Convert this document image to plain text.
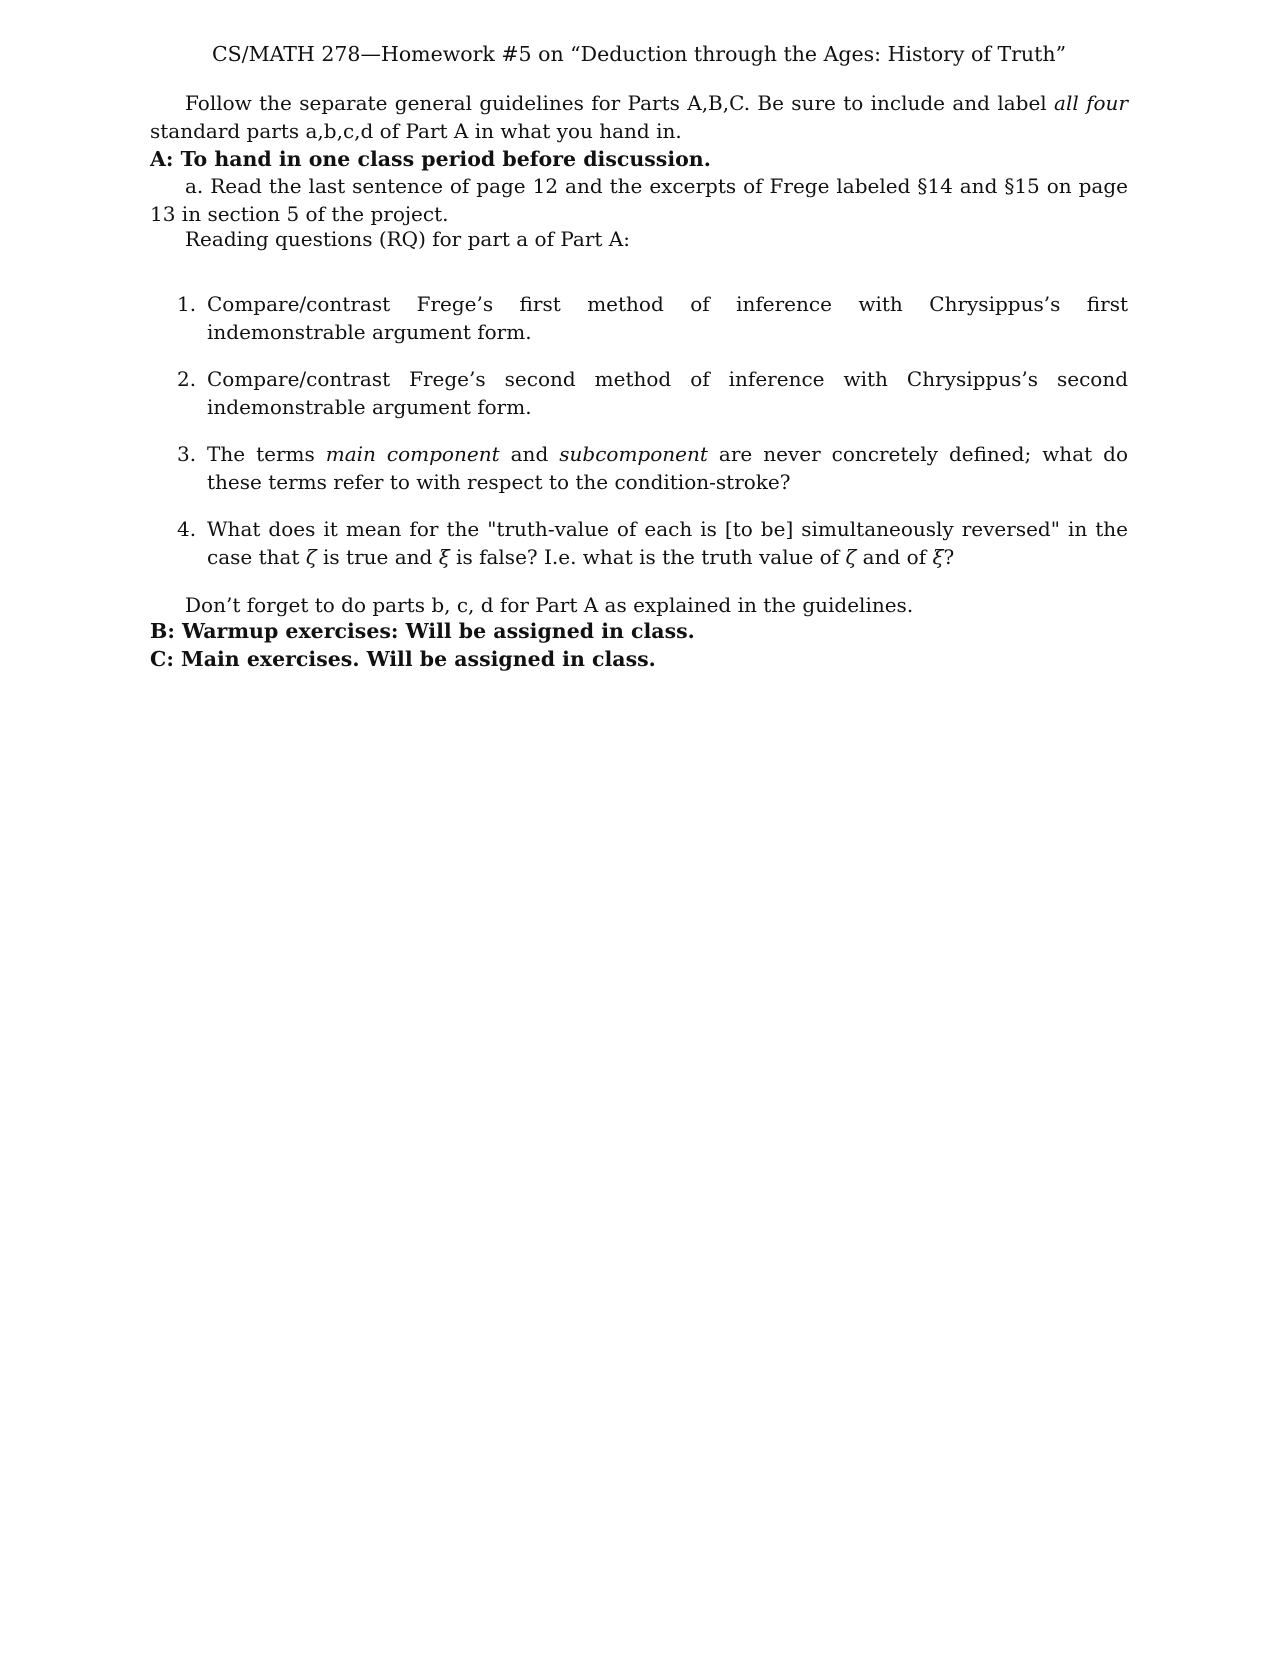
CS/MATH 278—Homework #5 on “Deduction through the Ages: History of Truth”
Follow the separate general guidelines for Parts A,B,C. Be sure to include and label all four standard parts a,b,c,d of Part A in what you hand in.
A: To hand in one class period before discussion.
a. Read the last sentence of page 12 and the excerpts of Frege labeled §14 and §15 on page 13 in section 5 of the project.
Reading questions (RQ) for part a of Part A:
1. Compare/contrast Frege’s first method of inference with Chrysippus’s first indemonstrable argument form.
2. Compare/contrast Frege’s second method of inference with Chrysippus’s second indemonstrable argument form.
3. The terms main component and subcomponent are never concretely defined; what do these terms refer to with respect to the condition-stroke?
4. What does it mean for the "truth-value of each is [to be] simultaneously reversed" in the case that ζ is true and ξ is false? I.e. what is the truth value of ζ and of ξ?
Don’t forget to do parts b, c, d for Part A as explained in the guidelines.
B: Warmup exercises: Will be assigned in class.
C: Main exercises. Will be assigned in class.
